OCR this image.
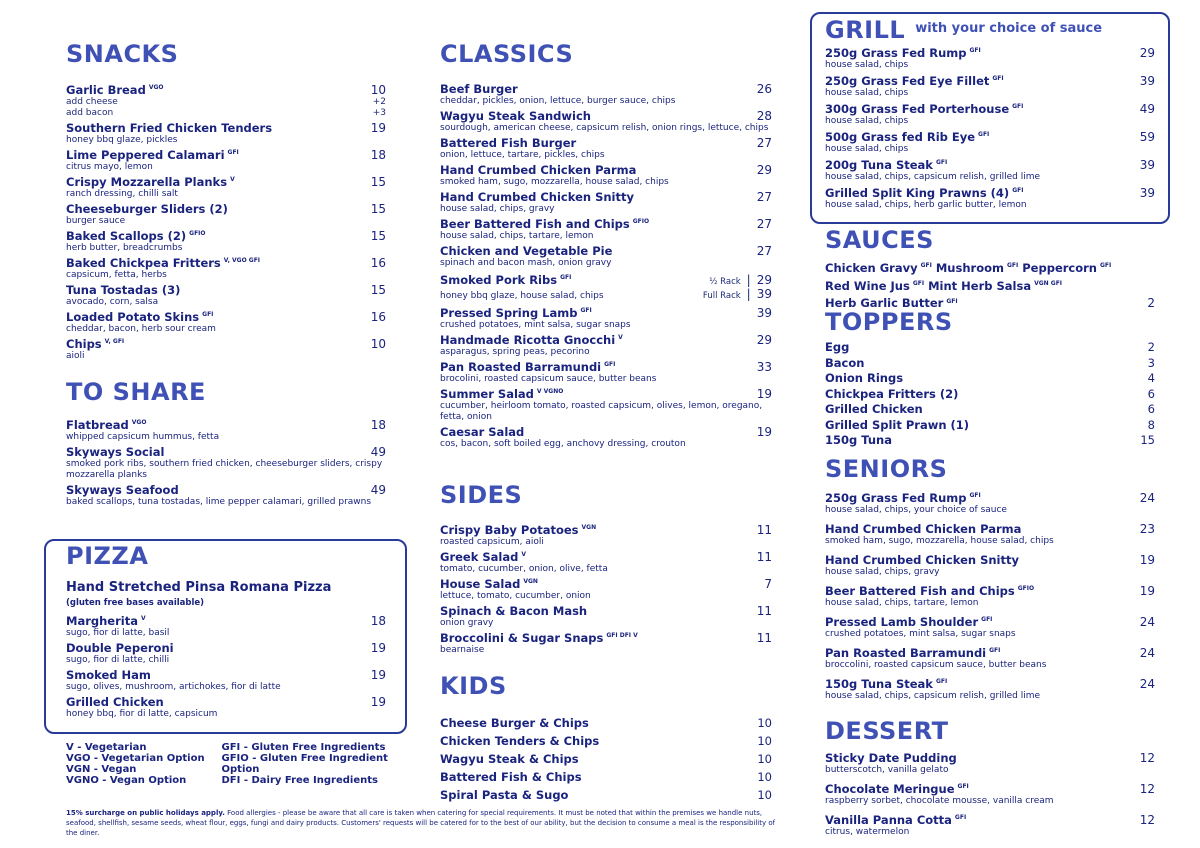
SNACKS
Garlic Bread $^{VGO}$	10
add cheese	+2
add bacon	+3
Southern Fried Chicken Tenders	19
honey bbq glaze, pickles
Lime Peppered Calamari $^{GFI}$	18
citrus mayo, lemon
Crispy Mozzarella Planks $^V$	15
ranch dressing, chilli salt
Cheeseburger Sliders (2)	15
burger sauce
Baked Scallops (2) $^{GFIO}$	15
herb butter, breadcrumbs
Baked Chickpea Fritters $^{V, VGO GFI}$	16
capsicum, fetta, herbs
Tuna Tostadas (3)	15
avocado, corn, salsa
Loaded Potato Skins $^{GFI}$	16
cheddar, bacon, herb sour cream
Chips $^{V, GFI}$	10
aioli
TO SHARE
Flatbread $^{VGO}$	18
whipped capsicum hummus, fetta
Skyways Social	49
smoked pork ribs, southern fried chicken, cheeseburger sliders, crispy mozzarella planks
Skyways Seafood	49
baked scallops, tuna tostadas, lime pepper calamari, grilled prawns
PIZZA
Hand Stretched Pinsa Romana Pizza
(gluten free bases available)
Margherita $^V$	18
sugo, fior di latte, basil
Double Peperoni	19
sugo, fior di latte, chilli
Smoked Ham	19
sugo, olives, mushroom, artichokes, fior di latte
Grilled Chicken	19
honey bbq, fior di latte, capsicum
V - Vegetarian
VGO - Vegetarian Option
VGN - Vegan
VGNO - Vegan Option
GFI - Gluten Free Ingredients
GFIO - Gluten Free Ingredient Option
DFI - Dairy Free Ingredients
15% surcharge on public holidays apply. Food allergies - please be aware that all care is taken when catering for special requirements. It must be noted that within the premises we handle nuts, seafood, shellfish, sesame seeds, wheat flour, eggs, fungi and dairy products. Customers' requests will be catered for to the best of our ability, but the decision to consume a meal is the responsibility of the diner.
CLASSICS
Beef Burger	26
cheddar, pickles, onion, lettuce, burger sauce, chips
Wagyu Steak Sandwich	28
sourdough, american cheese, capsicum relish, onion rings, lettuce, chips
Battered Fish Burger	27
onion, lettuce, tartare, pickles, chips
Hand Crumbed Chicken Parma	29
smoked ham, sugo, mozzarella, house salad, chips
Hand Crumbed Chicken Snitty	27
house salad, chips, gravy
Beer Battered Fish and Chips $^{GFIO}$	27
house salad, chips, tartare, lemon
Chicken and Vegetable Pie	27
spinach and bacon mash, onion gravy
Smoked Pork Ribs $^{GFI}$	½ Rack | 29
honey bbq glaze, house salad, chips	Full Rack | 39
Pressed Spring Lamb $^{GFI}$	39
crushed potatoes, mint salsa, sugar snaps
Handmade Ricotta Gnocchi $^V$	29
asparagus, spring peas, pecorino
Pan Roasted Barramundi $^{GFI}$	33
brocolini, roasted capsicum sauce, butter beans
Summer Salad $^{V VGNO}$	19
cucumber, heirloom tomato, roasted capsicum, olives, lemon, oregano, fetta, onion
Caesar Salad	19
cos, bacon, soft boiled egg, anchovy dressing, crouton
SIDES
Crispy Baby Potatoes $^{VGN}$	11
roasted capsicum, aioli
Greek Salad $^V$	11
tomato, cucumber, onion, olive, fetta
House Salad $^{VGN}$	7
lettuce, tomato, cucumber, onion
Spinach & Bacon Mash	11
onion gravy
Broccolini & Sugar Snaps $^{GFI DFI V}$	11
bearnaise
KIDS
Cheese Burger & Chips	10
Chicken Tenders & Chips	10
Wagyu Steak & Chips	10
Battered Fish & Chips	10
Spiral Pasta & Sugo	10
GRILL with your choice of sauce
250g Grass Fed Rump $^{GFI}$	29
house salad, chips
250g Grass Fed Eye Fillet $^{GFI}$	39
house salad, chips
300g Grass Fed Porterhouse $^{GFI}$	49
house salad, chips
500g Grass fed Rib Eye $^{GFI}$	59
house salad, chips
200g Tuna Steak $^{GFI}$	39
house salad, chips, capsicum relish, grilled lime
Grilled Split King Prawns (4) $^{GFI}$	39
house salad, chips, herb garlic butter, lemon
SAUCES
Chicken Gravy $^{GFI}$ Mushroom $^{GFI}$ Peppercorn $^{GFI}$
Red Wine Jus $^{GFI}$ Mint Herb Salsa $^{VGN GFI}$
Herb Garlic Butter $^{GFI}$	2
TOPPERS
Egg	2
Bacon	3
Onion Rings	4
Chickpea Fritters (2)	6
Grilled Chicken	6
Grilled Split Prawn (1)	8
150g Tuna	15
SENIORS
250g Grass Fed Rump $^{GFI}$	24
house salad, chips, your choice of sauce
Hand Crumbed Chicken Parma	23
smoked ham, sugo, mozzarella, house salad, chips
Hand Crumbed Chicken Snitty	19
house salad, chips, gravy
Beer Battered Fish and Chips $^{GFIO}$	19
house salad, chips, tartare, lemon
Pressed Lamb Shoulder $^{GFI}$	24
crushed potatoes, mint salsa, sugar snaps
Pan Roasted Barramundi $^{GFI}$	24
broccolini, roasted capsicum sauce, butter beans
150g Tuna Steak $^{GFI}$	24
house salad, chips, capsicum relish, grilled lime
DESSERT
Sticky Date Pudding	12
butterscotch, vanilla gelato
Chocolate Meringue $^{GFI}$	12
raspberry sorbet, chocolate mousse, vanilla cream
Vanilla Panna Cotta $^{GFI}$	12
citrus, watermelon
